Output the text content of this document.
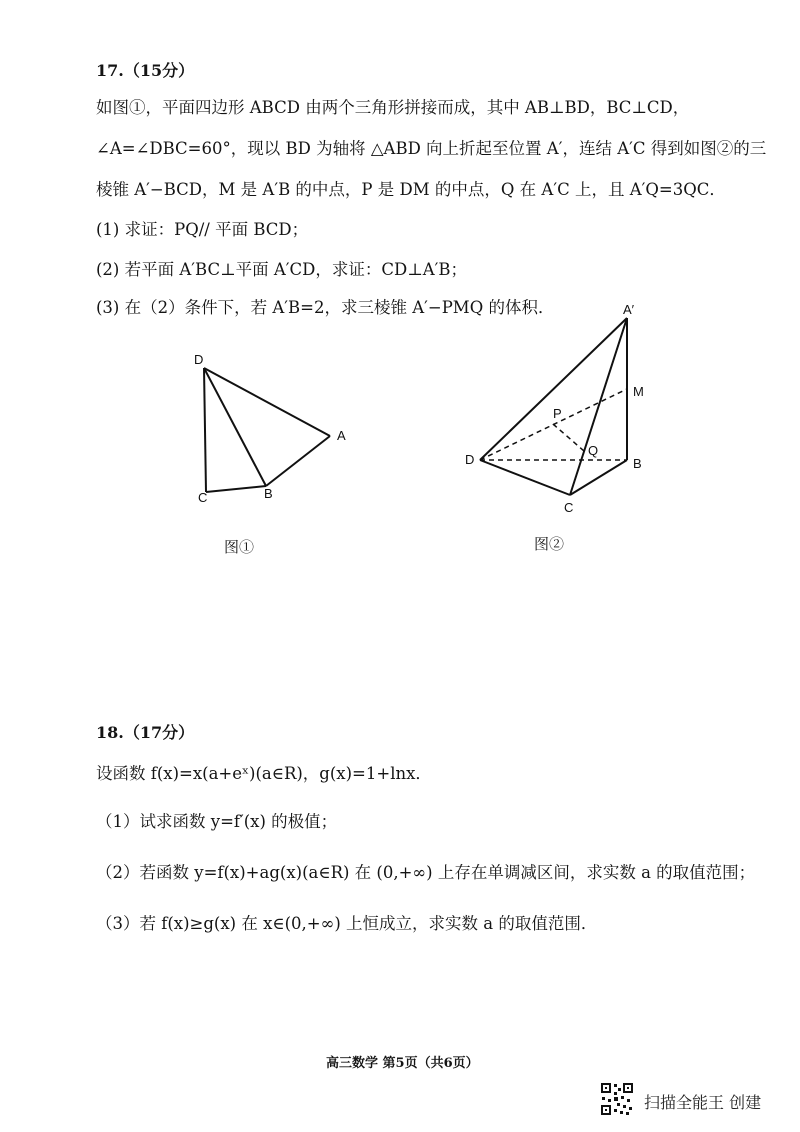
17.（15分）
如图①，平面四边形 ABCD 由两个三角形拼接而成，其中 AB⊥BD，BC⊥CD，
∠A=∠DBC=60°，现以 BD 为轴将 △ABD 向上折起至位置 A′，连结 A′C 得到如图②的三
棱锥 A′−BCD，M 是 A′B 的中点，P 是 DM 的中点，Q 在 A′C 上，且 A′Q=3QC．
(1) 求证：PQ// 平面 BCD；
(2) 若平面 A′BC⊥平面 A′CD，求证：CD⊥A′B；
(3) 在（2）条件下，若 A′B=2，求三棱锥 A′−PMQ 的体积．
D
A
B
C
图①
A′
M
P
Q
D	B
C
图②
18.（17分）
设函数 f(x)=x(a+eˣ)(a∈R)，g(x)=1+lnx．
（1）试求函数 y=f′(x) 的极值；
（2）若函数 y=f(x)+ag(x)(a∈R) 在 (0,+∞) 上存在单调减区间，求实数 a 的取值范围；
（3）若 f(x)≥g(x) 在 x∈(0,+∞) 上恒成立，求实数 a 的取值范围．
高三数学 第5页（共6页）
扫描全能王 创建
